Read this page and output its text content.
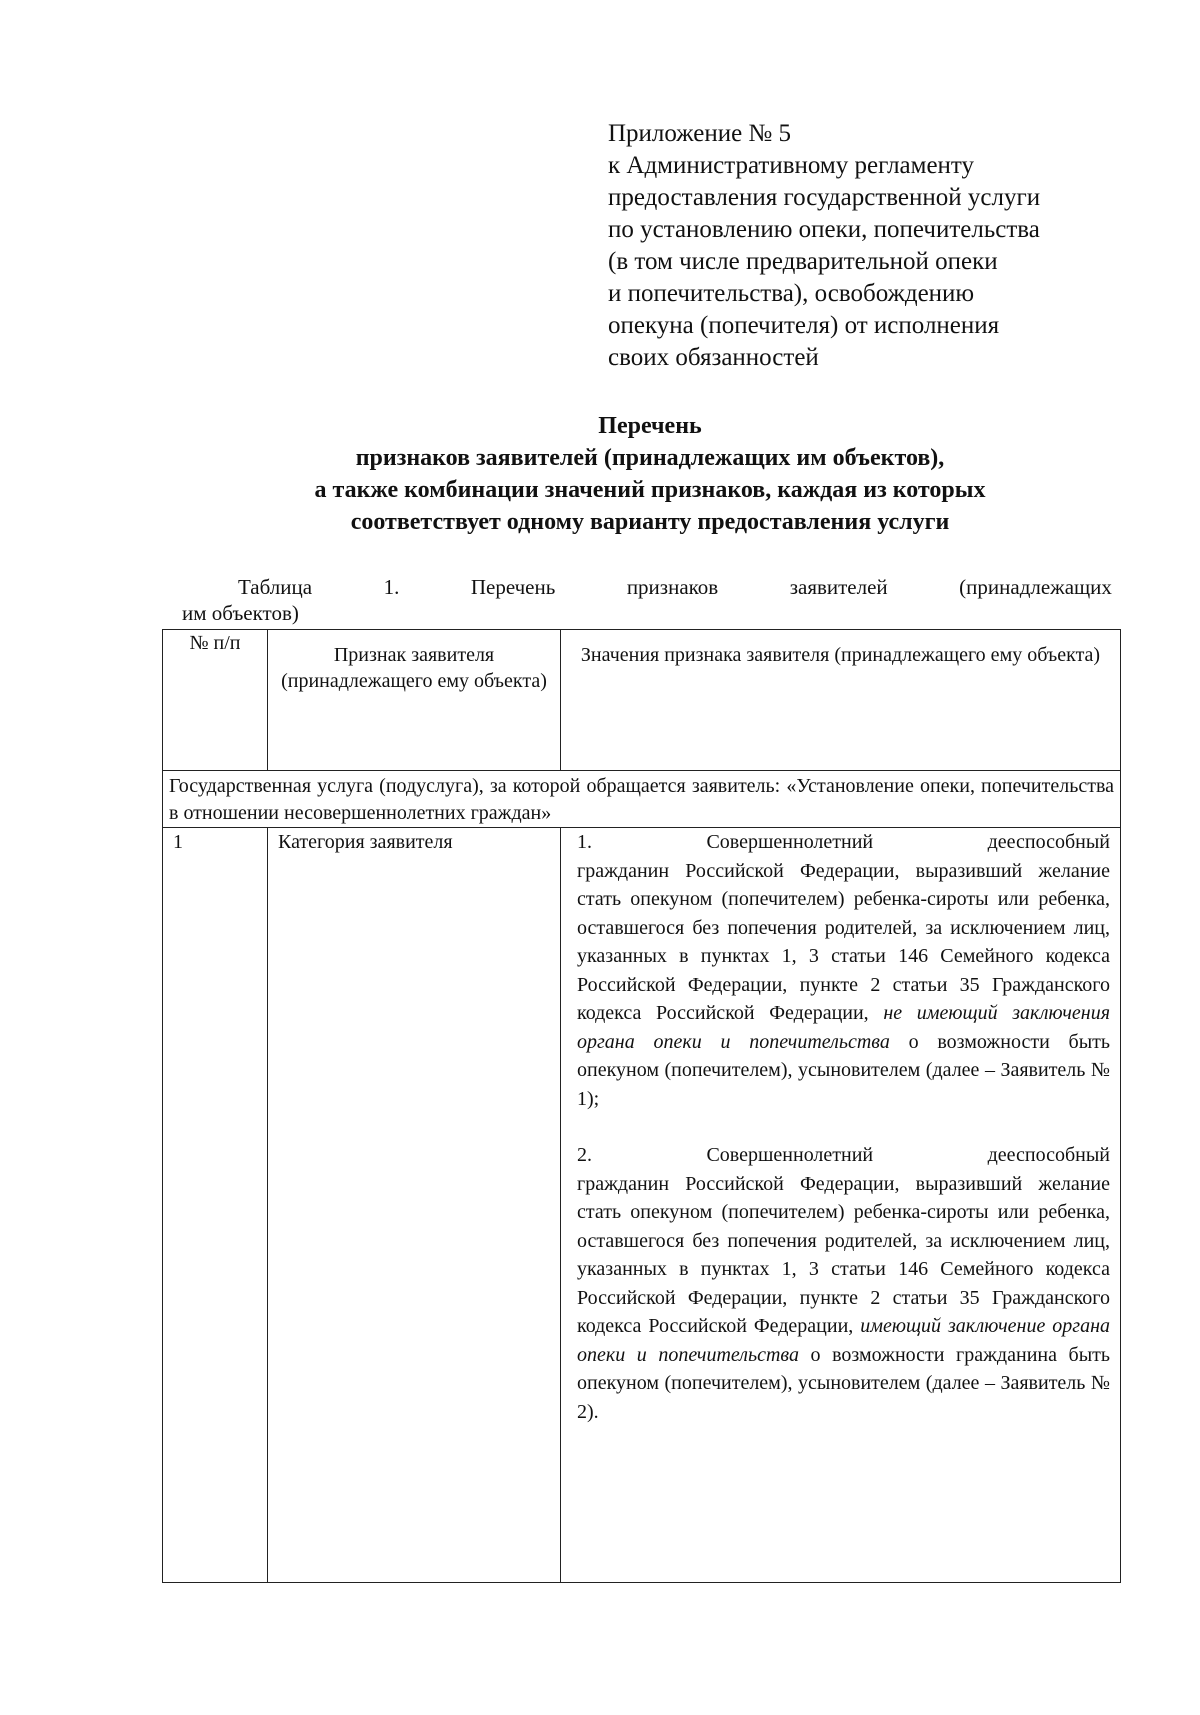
Приложение № 5
к Административному регламенту
предоставления государственной услуги
по установлению опеки, попечительства
(в том числе предварительной опеки
и попечительства), освобождению
опекуна (попечителя) от исполнения
своих обязанностей
Перечень
признаков заявителей (принадлежащих им объектов),
а также комбинации значений признаков, каждая из которых
соответствует одному варианту предоставления услуги
Таблица	1.	Перечень	признаков	заявителей	(принадлежащих
им объектов)
№ п/п	Признак заявителя (принадлежащего ему объекта)	Значения признака заявителя (принадлежащего ему объекта)
Государственная услуга (подуслуга), за которой обращается заявитель: «Установление опеки, попечительства в отношении несовершеннолетних граждан»		
1	Категория заявителя	1. Совершеннолетний дееспособный
гражданин Российской Федерации, выразивший желание стать опекуном (попечителем) ребенка-сироты или ребенка, оставшегося без попечения родителей, за исключением лиц, указанных в пунктах 1, 3 статьи 146 Семейного кодекса Российской Федерации, пункте 2 статьи 35 Гражданского кодекса Российской Федерации, не имеющий заключения органа опеки и попечительства о возможности быть опекуном (попечителем), усыновителем (далее – Заявитель № 1);

2. Совершеннолетний дееспособный
гражданин Российской Федерации, выразивший желание стать опекуном (попечителем) ребенка-сироты или ребенка, оставшегося без попечения родителей, за исключением лиц, указанных в пунктах 1, 3 статьи 146 Семейного кодекса Российской Федерации, пункте 2 статьи 35 Гражданского кодекса Российской Федерации, имеющий заключение органа опеки и попечительства о возможности гражданина быть опекуном (попечителем), усыновителем (далее – Заявитель № 2).
